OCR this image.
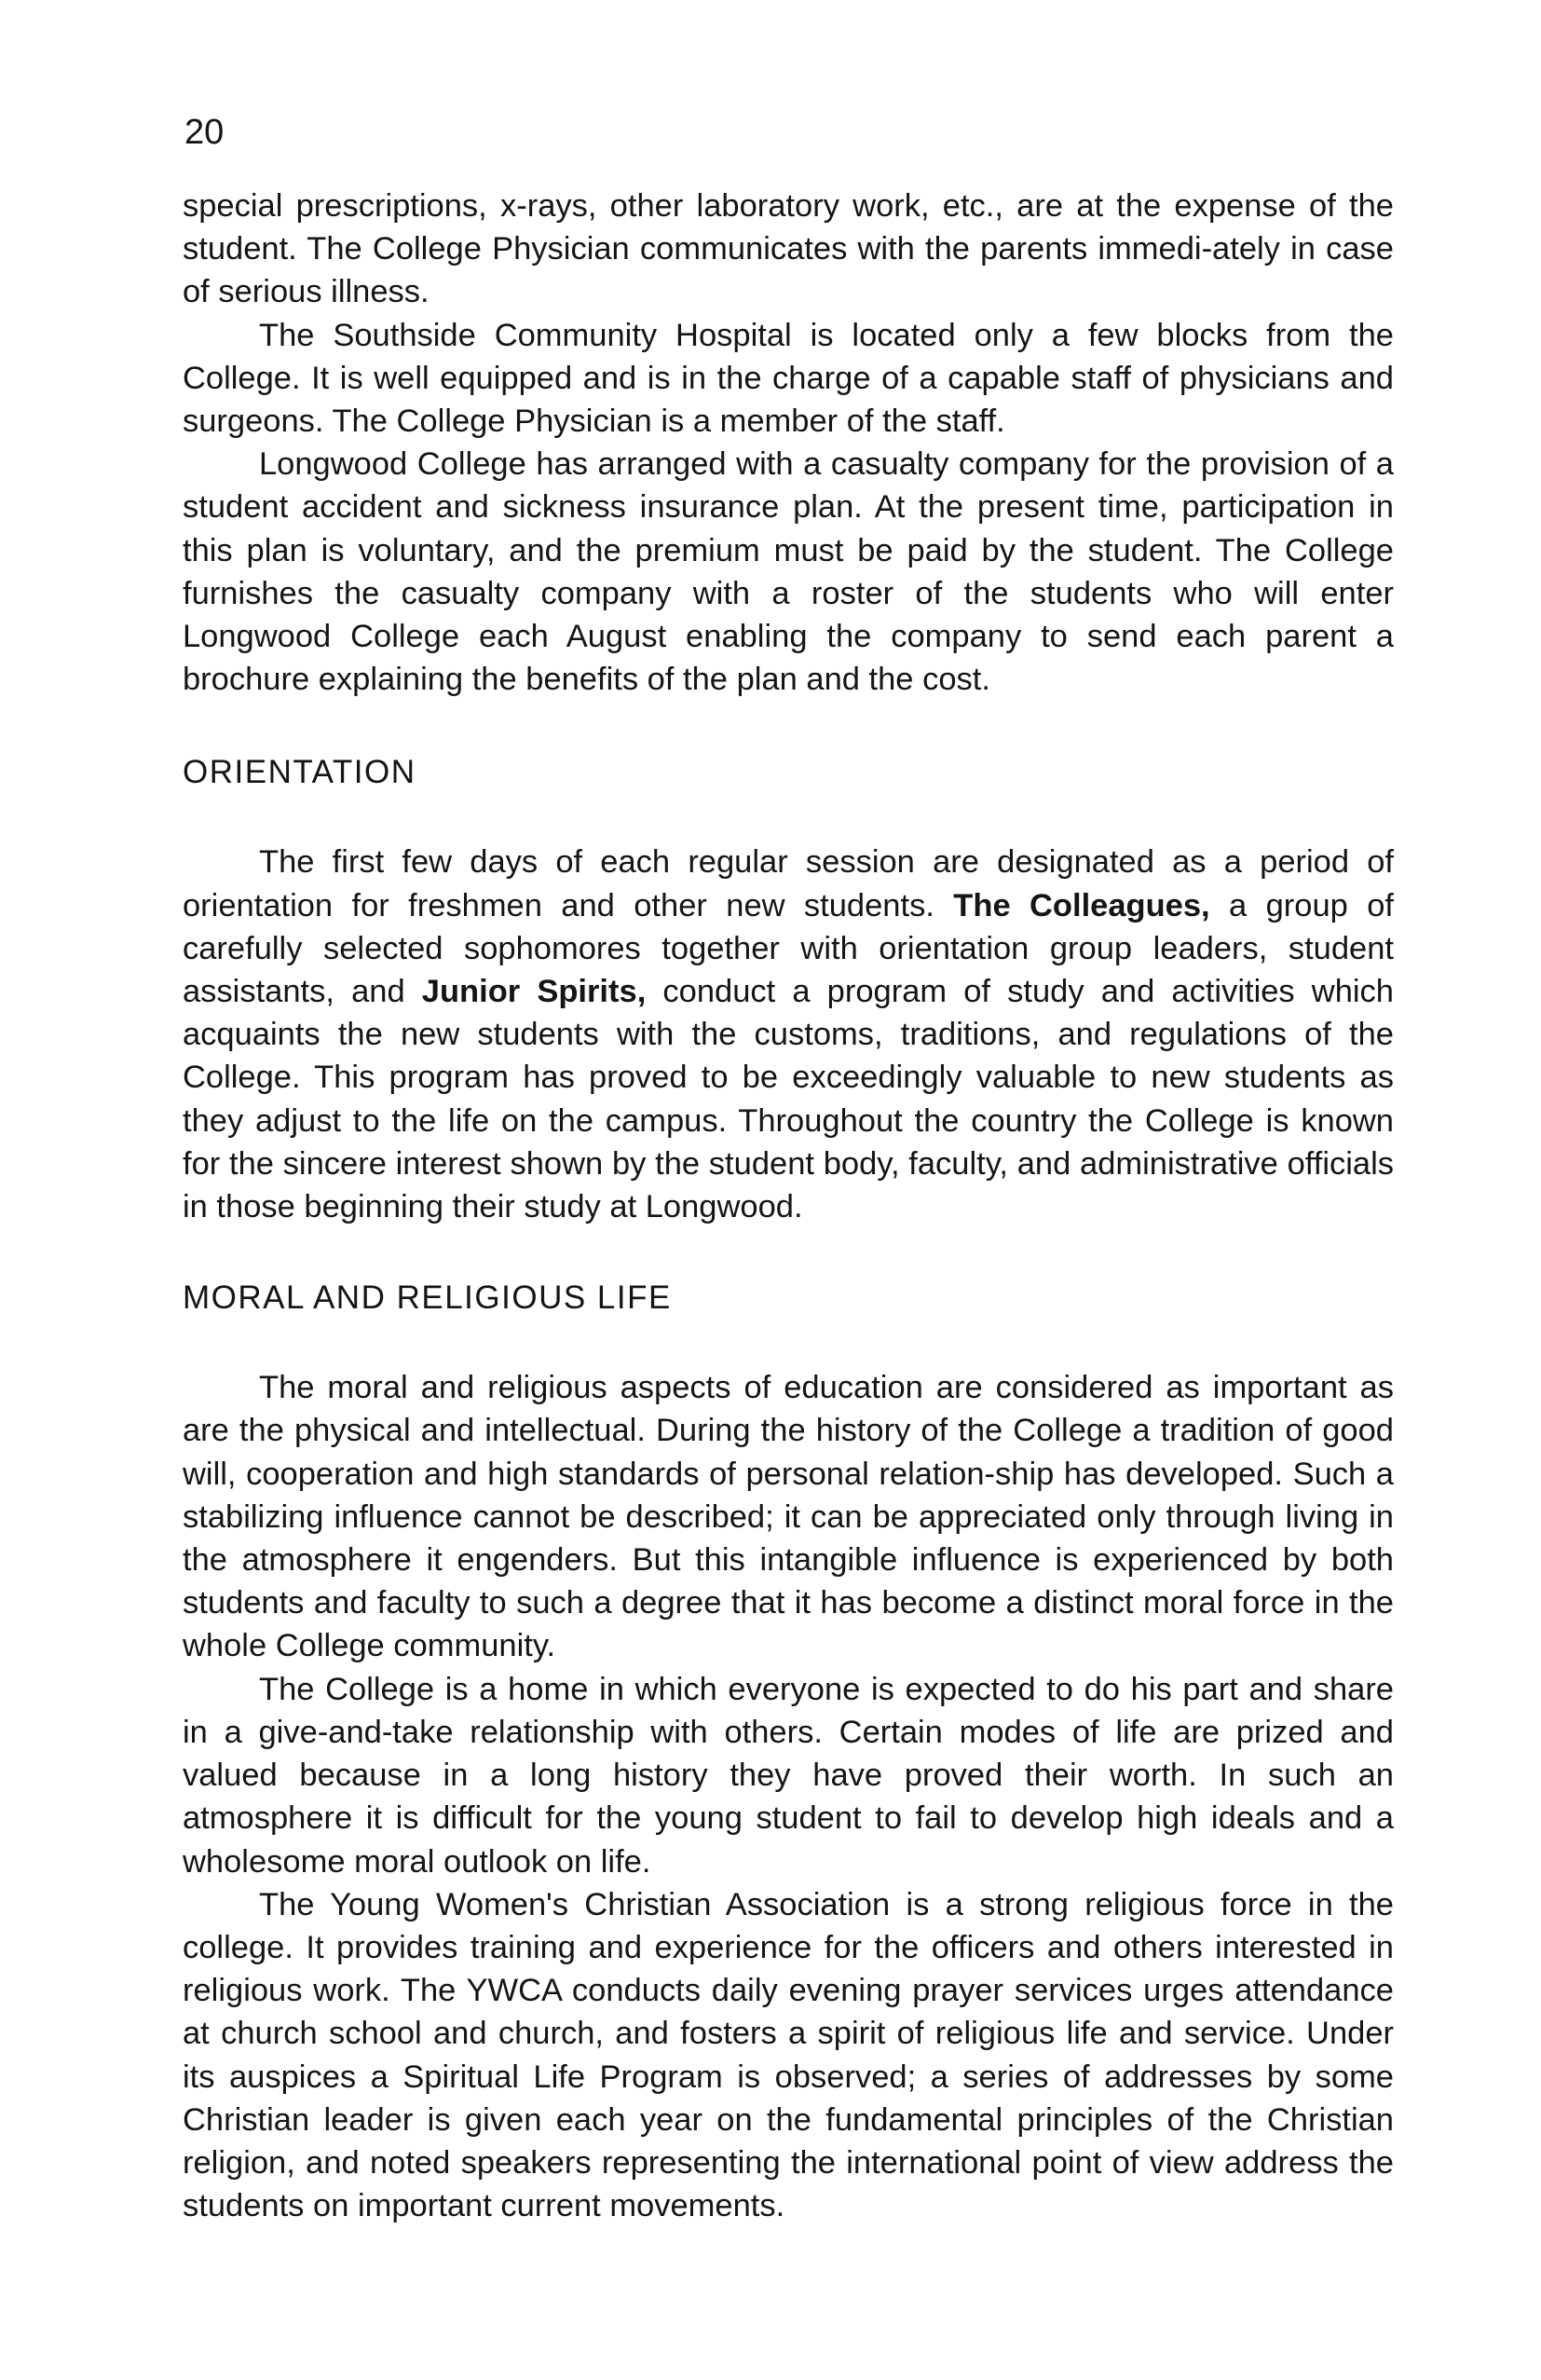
20

special prescriptions, x-rays, other laboratory work, etc., are at the expense of the student. The College Physician communicates with the parents immedi-ately in case of serious illness.

The Southside Community Hospital is located only a few blocks from the College. It is well equipped and is in the charge of a capable staff of physicians and surgeons. The College Physician is a member of the staff.

Longwood College has arranged with a casualty company for the provision of a student accident and sickness insurance plan. At the present time, participation in this plan is voluntary, and the premium must be paid by the student. The College furnishes the casualty company with a roster of the students who will enter Longwood College each August enabling the company to send each parent a brochure explaining the benefits of the plan and the cost.

ORIENTATION

The first few days of each regular session are designated as a period of orientation for freshmen and other new students. The Colleagues, a group of carefully selected sophomores together with orientation group leaders, student assistants, and Junior Spirits, conduct a program of study and activities which acquaints the new students with the customs, traditions, and regulations of the College. This program has proved to be exceedingly valuable to new students as they adjust to the life on the campus. Throughout the country the College is known for the sincere interest shown by the student body, faculty, and administrative officials in those beginning their study at Longwood.

MORAL AND RELIGIOUS LIFE

The moral and religious aspects of education are considered as important as are the physical and intellectual. During the history of the College a tradition of good will, cooperation and high standards of personal relation-ship has developed. Such a stabilizing influence cannot be described; it can be appreciated only through living in the atmosphere it engenders. But this intangible influence is experienced by both students and faculty to such a degree that it has become a distinct moral force in the whole College community.

The College is a home in which everyone is expected to do his part and share in a give-and-take relationship with others. Certain modes of life are prized and valued because in a long history they have proved their worth. In such an atmosphere it is difficult for the young student to fail to develop high ideals and a wholesome moral outlook on life.

The Young Women's Christian Association is a strong religious force in the college. It provides training and experience for the officers and others interested in religious work. The YWCA conducts daily evening prayer services urges attendance at church school and church, and fosters a spirit of religious life and service. Under its auspices a Spiritual Life Program is observed; a series of addresses by some Christian leader is given each year on the fundamental principles of the Christian religion, and noted speakers representing the international point of view address the students on important current movements.
